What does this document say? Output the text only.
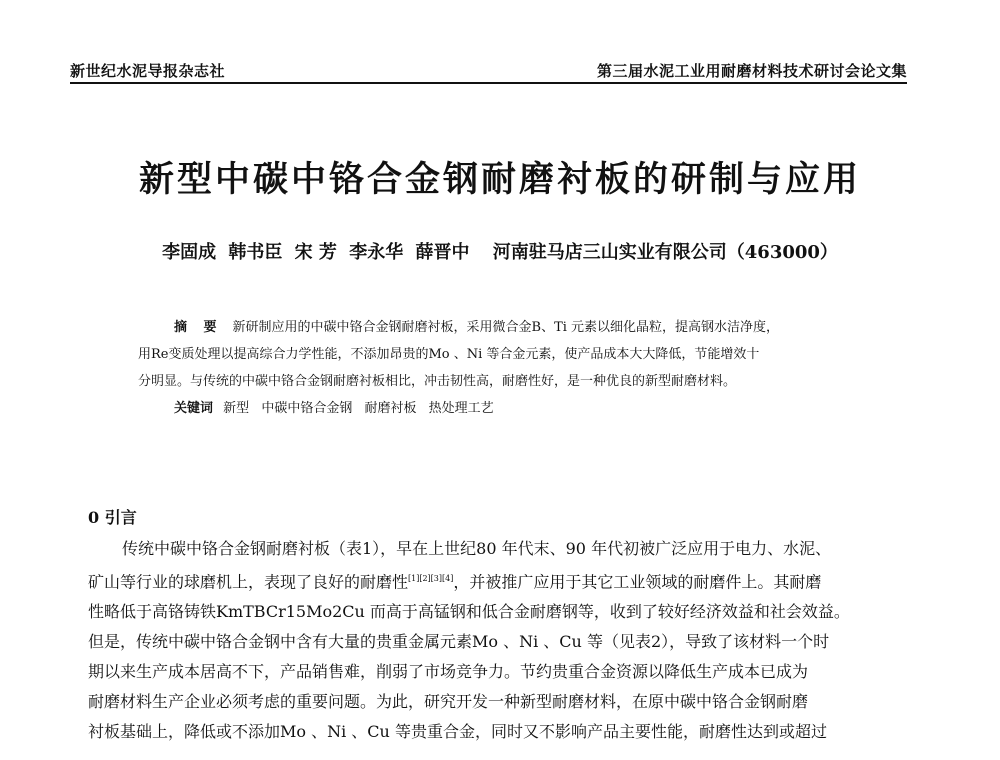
新世纪水泥导报杂志社	第三届水泥工业用耐磨材料技术研讨会论文集
新型中碳中铬合金钢耐磨衬板的研制与应用
李固成 韩书臣 宋 芳 李永华 薛晋中 河南驻马店三山实业有限公司（463000）
摘 要 新研制应用的中碳中铬合金钢耐磨衬板，采用微合金B、Ti 元素以细化晶粒，提高钢水洁净度，
用Re变质处理以提高综合力学性能，不添加昂贵的Mo 、Ni 等合金元素，使产品成本大大降低，节能增效十
分明显。与传统的中碳中铬合金钢耐磨衬板相比，冲击韧性高，耐磨性好，是一种优良的新型耐磨材料。
关键词 新型 中碳中铬合金钢 耐磨衬板 热处理工艺
0 引言
传统中碳中铬合金钢耐磨衬板（表1），早在上世纪80 年代末、90 年代初被广泛应用于电力、水泥、
矿山等行业的球磨机上，表现了良好的耐磨性[1][2][3][4]，并被推广应用于其它工业领域的耐磨件上。其耐磨
性略低于高铬铸铁KmTBCr15Mo2Cu 而高于高锰钢和低合金耐磨钢等，收到了较好经济效益和社会效益。
但是，传统中碳中铬合金钢中含有大量的贵重金属元素Mo 、Ni 、Cu 等（见表2），导致了该材料一个时
期以来生产成本居高不下，产品销售难，削弱了市场竞争力。节约贵重合金资源以降低生产成本已成为
耐磨材料生产企业必须考虑的重要问题。为此，研究开发一种新型耐磨材料，在原中碳中铬合金钢耐磨
衬板基础上，降低或不添加Mo 、Ni 、Cu 等贵重合金，同时又不影响产品主要性能，耐磨性达到或超过
